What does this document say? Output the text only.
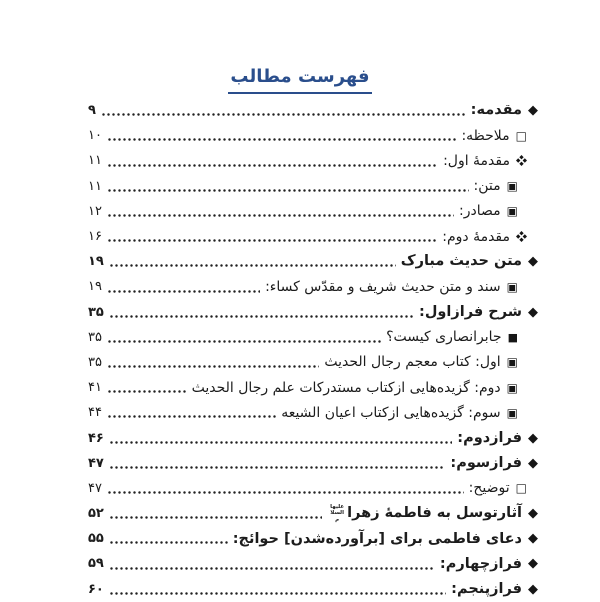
فهرست مطالب
◆
مقدمه:
۹
□
ملاحظه:
۱۰
مقدمهٔ اول:
۱۱
▣
متن:
۱۱
▣
مصادر:
۱۲
مقدمهٔ دوم:
۱۶
◆
متن حدیث مبارک
۱۹
▣
سند و متن حدیث شریف و مقدّس کساء:
۱۹
◆
شرح فرازاول:
۳۵
■
جابرانصاری کیست؟
۳۵
▣
اول: کتاب معجم رجال الحدیث
۳۵
▣
دوم: گزیده‌هایی ازکتاب مستدرکات علم رجال الحدیث
۴۱
▣
سوم: گزیده‌هایی ازکتاب اعیان الشیعه
۴۴
◆
فرازدوم:
۴۶
◆
فرازسوم:
۴۷
□
توضیح:
۴۷
◆
آثارتوسل به فاطمهٔ زهرا
علیها السلام
۵۲
◆
دعای فاطمی برای [برآورده‌شدن] حوائج:
۵۵
◆
فرازچهارم:
۵۹
◆
فرازپنجم:
۶۰
